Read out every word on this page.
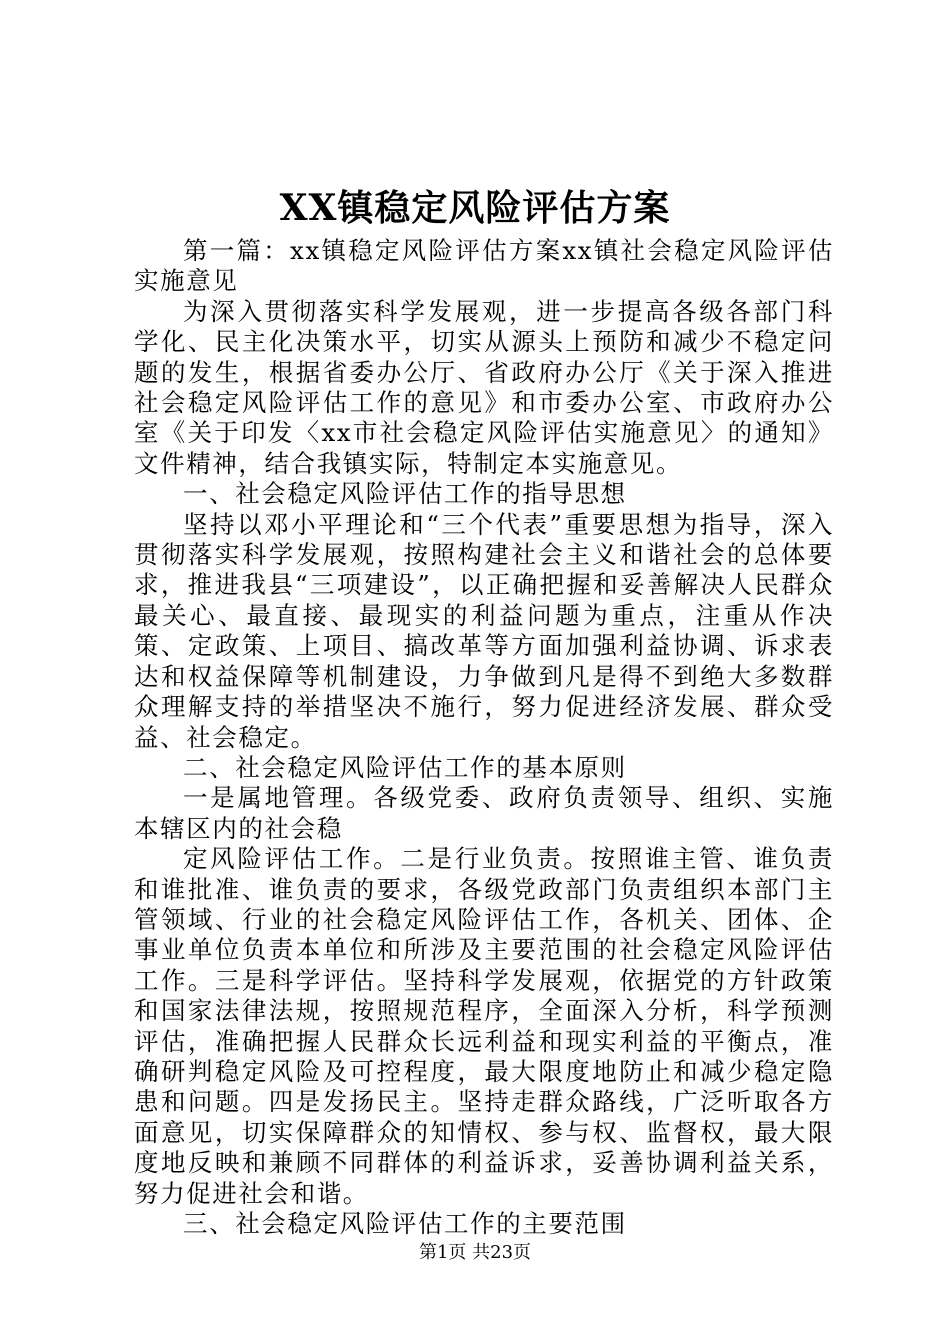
XX镇稳定风险评估方案

第一篇：xx镇稳定风险评估方案xx镇社会稳定风险评估实施意见

为深入贯彻落实科学发展观，进一步提高各级各部门科学化、民主化决策水平，切实从源头上预防和减少不稳定问题的发生，根据省委办公厅、省政府办公厅《关于深入推进社会稳定风险评估工作的意见》和市委办公室、市政府办公室《关于印发〈xx市社会稳定风险评估实施意见〉的通知》文件精神，结合我镇实际，特制定本实施意见。

一、社会稳定风险评估工作的指导思想

坚持以邓小平理论和“三个代表”重要思想为指导，深入贯彻落实科学发展观，按照构建社会主义和谐社会的总体要求，推进我县“三项建设”，以正确把握和妥善解决人民群众最关心、最直接、最现实的利益问题为重点，注重从作决策、定政策、上项目、搞改革等方面加强利益协调、诉求表达和权益保障等机制建设，力争做到凡是得不到绝大多数群众理解支持的举措坚决不施行，努力促进经济发展、群众受益、社会稳定。

二、社会稳定风险评估工作的基本原则

一是属地管理。各级党委、政府负责领导、组织、实施本辖区内的社会稳

定风险评估工作。二是行业负责。按照谁主管、谁负责和谁批准、谁负责的要求，各级党政部门负责组织本部门主管领域、行业的社会稳定风险评估工作，各机关、团体、企事业单位负责本单位和所涉及主要范围的社会稳定风险评估工作。三是科学评估。坚持科学发展观，依据党的方针政策和国家法律法规，按照规范程序，全面深入分析，科学预测评估，准确把握人民群众长远利益和现实利益的平衡点，准确研判稳定风险及可控程度，最大限度地防止和减少稳定隐患和问题。四是发扬民主。坚持走群众路线，广泛听取各方面意见，切实保障群众的知情权、参与权、监督权，最大限度地反映和兼顾不同群体的利益诉求，妥善协调利益关系，努力促进社会和谐。

三、社会稳定风险评估工作的主要范围

第1页 共23页
